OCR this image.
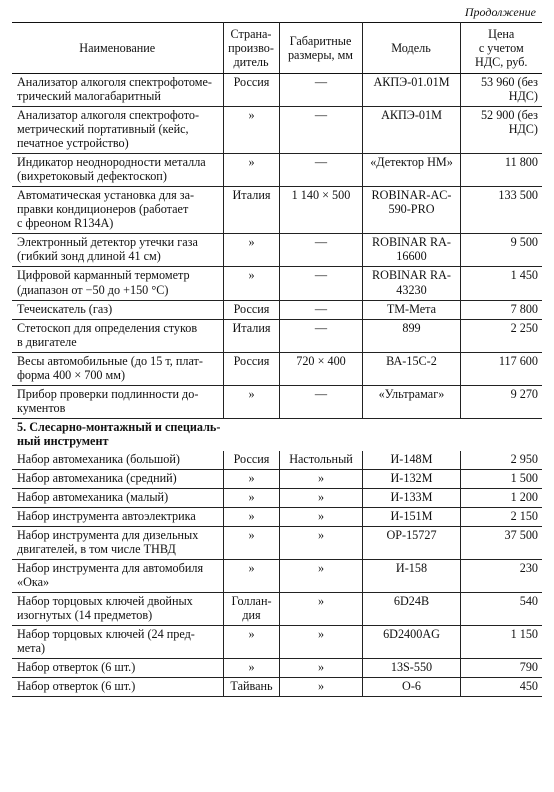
Продолжение
Наименование	Страна-
произво-
дитель	Габаритные
размеры, мм	Модель	Цена
с учетом
НДС, руб.
Анализатор алкоголя спектрофотоме-
трический малогабаритный	Россия	—	АКПЭ-01.01М	53 960 (без
НДС)
Анализатор алкоголя спектрофото-
метрический портативный (кейс,
печатное устройство)	»	—	АКПЭ-01М	52 900 (без
НДС)
Индикатор неоднородности металла
(вихретоковый дефектоскоп)	»	—	«Детектор НМ»	11 800
Автоматическая установка для за-
правки кондиционеров (работает
с фреоном R134A)	Италия	1 140 × 500	ROBINAR-AC-
590-PRO	133 500
Электронный детектор утечки газа
(гибкий зонд длиной 41 см)	»	—	ROBINAR RA-
16600	9 500
Цифровой карманный термометр
(диапазон от −50 до +150 °C)	»	—	ROBINAR RA-
43230	1 450
Течеискатель (газ)	Россия	—	ТМ-Мета	7 800
Стетоскоп для определения стуков
в двигателе	Италия	—	899	2 250
Весы автомобильные (до 15 т, плат-
форма 400 × 700 мм)	Россия	720 × 400	ВА-15С-2	117 600
Прибор проверки подлинности до-
кументов	»	—	«Ультрамаг»	9 270

5. Слесарно-монтажный и специаль-
ный инструмент				

Набор автомеханика (большой)	Россия	Настольный	И-148М	2 950
Набор автомеханика (средний)	»	»	И-132М	1 500
Набор автомеханика (малый)	»	»	И-133М	1 200
Набор инструмента автоэлектрика	»	»	И-151М	2 150
Набор инструмента для дизельных
двигателей, в том числе ТНВД	»	»	ОР-15727	37 500
Набор инструмента для автомобиля
«Ока»	»	»	И-158	230
Набор торцовых ключей двойных
изогнутых (14 предметов)	Голлан-
дия	»	6D24B	540
Набор торцовых ключей (24 пред-
мета)	»	»	6D2400AG	1 150
Набор отверток (6 шт.)	»	»	13S-550	790
Набор отверток (6 шт.)	Тайвань	»	О-6	450
